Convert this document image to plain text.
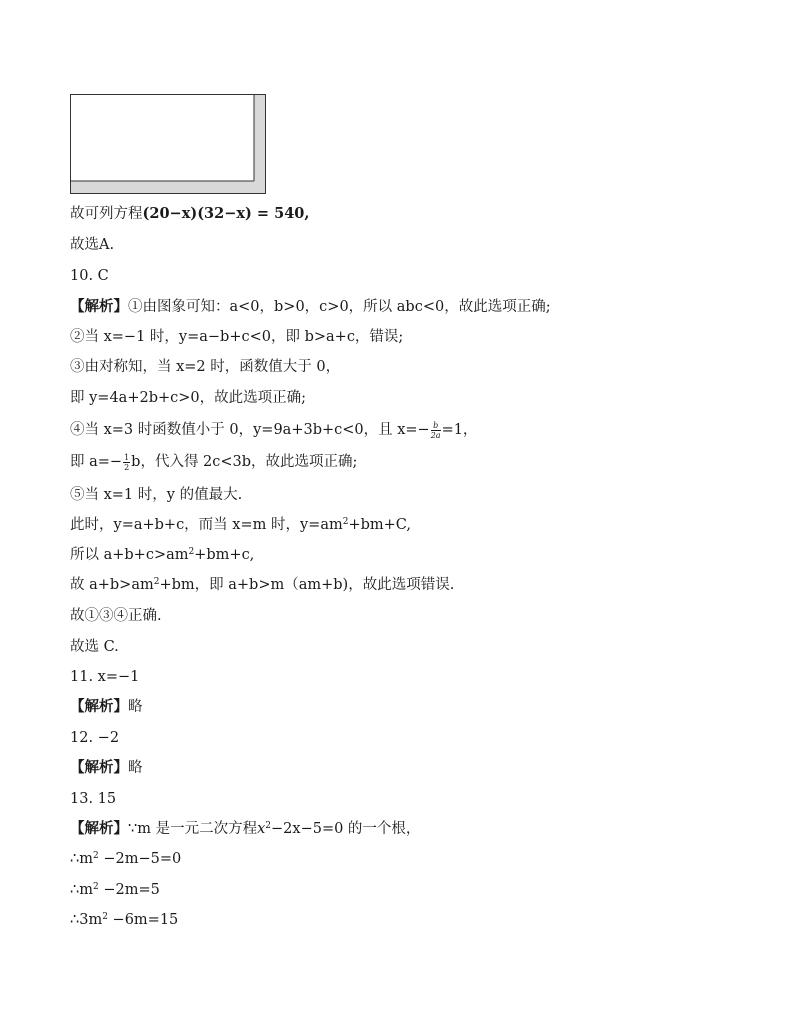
故可列方程(20−x)(32−x) = 540,
故选A.
10. C
【解析】①由图象可知：a<0，b>0，c>0，所以 abc<0，故此选项正确;
②当 x=−1 时，y=a−b+c<0，即 b>a+c，错误;
③由对称知，当 x=2 时，函数值大于 0，
即 y=4a+2b+c>0，故此选项正确;
④当 x=3 时函数值小于 0，y=9a+3b+c<0，且 $x=- \frac{b}{2a} =1$，
即 $a=- \frac{1}{2}$ b，代入得 2c<3b，故此选项正确;
⑤当 x=1 时，y 的值最大.
此时，y=a+b+c，而当 x=m 时，$y=am^2+bm+C$,
所以 $a+b+c>am^2+bm+c$,
故 $a+b>am^2+bm$，即 a+b>m（am+b)，故此选项错误.
故①③④正确.
故选 C.
11. x=−1
【解析】略
12. −2
【解析】略
13. 15
【解析】∵m 是一元二次方程$x^2-2x-5=0$ 的一个根，
$\therefore m^2 -2m-5=0$
$\therefore m^2 -2m=5$
$\therefore 3m^2 -6m=15$
